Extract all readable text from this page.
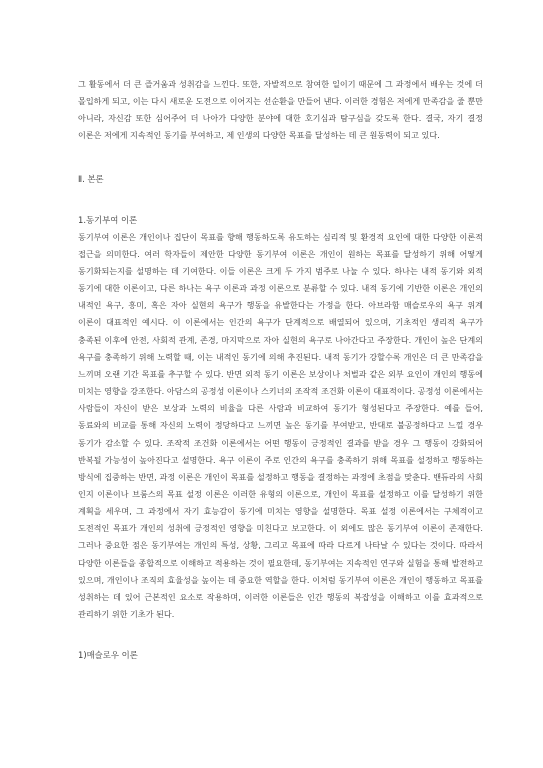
그 활동에서 더 큰 즐거움과 성취감을 느낀다. 또한, 자발적으로 참여한 일이기 때문에 그 과정에서 배우는 것에 더 몰입하게 되고, 이는 다시 새로운 도전으로 이어지는 선순환을 만들어 낸다. 이러한 경험은 저에게 만족감을 줄 뿐만 아니라, 자신감 또한 심어주어 더 나아가 다양한 분야에 대한 호기심과 탐구심을 갖도록 한다. 결국, 자기 결정 이론은 저에게 지속적인 동기를 부여하고, 제 인생의 다양한 목표를 달성하는 데 큰 원동력이 되고 있다.

Ⅱ. 본론
1.동기부여 이론

동기부여 이론은 개인이나 집단이 목표를 향해 행동하도록 유도하는 심리적 및 환경적 요인에 대한 다양한 이론적 접근을 의미한다. 여러 학자들이 제안한 다양한 동기부여 이론은 개인이 원하는 목표를 달성하기 위해 어떻게 동기화되는지를 설명하는 데 기여한다. 이들 이론은 크게 두 가지 범주로 나눌 수 있다. 하나는 내적 동기와 외적 동기에 대한 이론이고, 다른 하나는 욕구 이론과 과정 이론으로 분류할 수 있다. 내적 동기에 기반한 이론은 개인의 내적인 욕구, 흥미, 혹은 자아 실현의 욕구가 행동을 유발한다는 가정을 한다. 아브라함 매슬로우의 욕구 위계 이론이 대표적인 예시다. 이 이론에서는 인간의 욕구가 단계적으로 배열되어 있으며, 기초적인 생리적 욕구가 충족된 이후에 안전, 사회적 관계, 존경, 마지막으로 자아 실현의 욕구로 나아간다고 주장한다. 개인이 높은 단계의 욕구를 충족하기 위해 노력할 때, 이는 내적인 동기에 의해 추진된다. 내적 동기가 강할수록 개인은 더 큰 만족감을 느끼며 오랜 기간 목표를 추구할 수 있다. 반면 외적 동기 이론은 보상이나 처벌과 같은 외부 요인이 개인의 행동에 미치는 영향을 강조한다. 아담스의 공정성 이론이나 스키너의 조작적 조건화 이론이 대표적이다. 공정성 이론에서는 사람들이 자신이 받은 보상과 노력의 비율을 다른 사람과 비교하여 동기가 형성된다고 주장한다. 예를 들어, 동료와의 비교를 통해 자신의 노력이 정당하다고 느끼면 높은 동기를 부여받고, 반대로 불공정하다고 느낄 경우 동기가 감소할 수 있다. 조작적 조건화 이론에서는 어떤 행동이 긍정적인 결과를 받을 경우 그 행동이 강화되어 반복될 가능성이 높아진다고 설명한다. 욕구 이론이 주로 인간의 욕구를 충족하기 위해 목표를 설정하고 행동하는 방식에 집중하는 반면, 과정 이론은 개인이 목표를 설정하고 행동을 결정하는 과정에 초점을 맞춘다. 밴듀라의 사회 인지 이론이나 브룸스의 목표 설정 이론은 이러한 유형의 이론으로, 개인이 목표를 설정하고 이를 달성하기 위한 계획을 세우며, 그 과정에서 자기 효능감이 동기에 미치는 영향을 설명한다. 목표 설정 이론에서는 구체적이고 도전적인 목표가 개인의 성취에 긍정적인 영향을 미친다고 보고한다. 이 외에도 많은 동기부여 이론이 존재한다. 그러나 중요한 점은 동기부여는 개인의 특성, 상황, 그리고 목표에 따라 다르게 나타날 수 있다는 것이다. 따라서 다양한 이론들을 종합적으로 이해하고 적용하는 것이 필요한데, 동기부여는 지속적인 연구와 실험을 통해 발전하고 있으며, 개인이나 조직의 효율성을 높이는 데 중요한 역할을 한다. 이처럼 동기부여 이론은 개인이 행동하고 목표를 성취하는 데 있어 근본적인 요소로 작용하며, 이러한 이론들은 인간 행동의 복잡성을 이해하고 이를 효과적으로 관리하기 위한 기초가 된다.

1)매슬로우 이론
